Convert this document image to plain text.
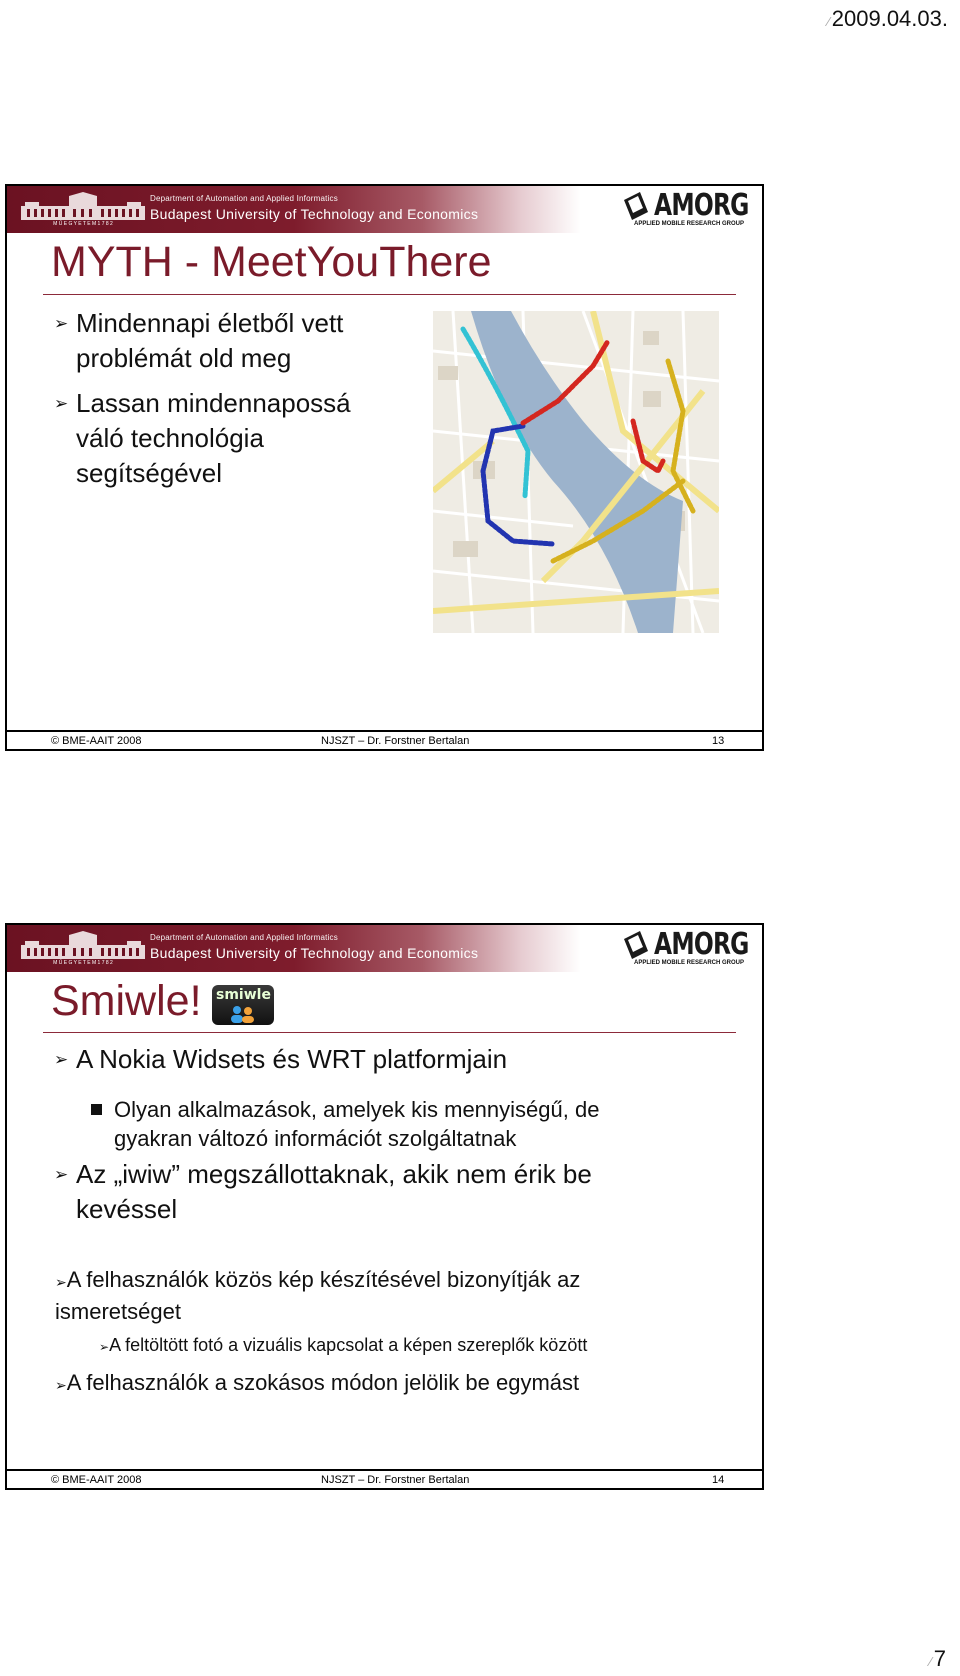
⁄2009.04.03.
M Ű E G Y E T E M 1 7 8 2
Department of Automation and Applied Informatics
Budapest University of Technology and Economics	AMORG
APPLIED MOBILE RESEARCH GROUP
MYTH - MeetYouThere
➢ Mindennapi életből vett
problémát old meg
➢ Lassan mindennapossá
váló technológia
segítségével
© BME-AAIT 2008	NJSZT – Dr. Forstner Bertalan	13
M Ű E G Y E T E M 1 7 8 2
Department of Automation and Applied Informatics
Budapest University of Technology and Economics	AMORG
APPLIED MOBILE RESEARCH GROUP
Smiwle! smiwle
➢ A Nokia Widsets és WRT platformjain
Olyan alkalmazások, amelyek kis mennyiségű, de
gyakran változó információt szolgáltatnak
➢ Az „iwiw” megszállottaknak, akik nem érik be
kevéssel
➢A felhasználók közös kép készítésével bizonyítják az
ismeretséget
➢A feltöltött fotó a vizuális kapcsolat a képen szereplők között
➢A felhasználók a szokásos módon jelölik be egymást
© BME-AAIT 2008	NJSZT – Dr. Forstner Bertalan	14
⁄7
